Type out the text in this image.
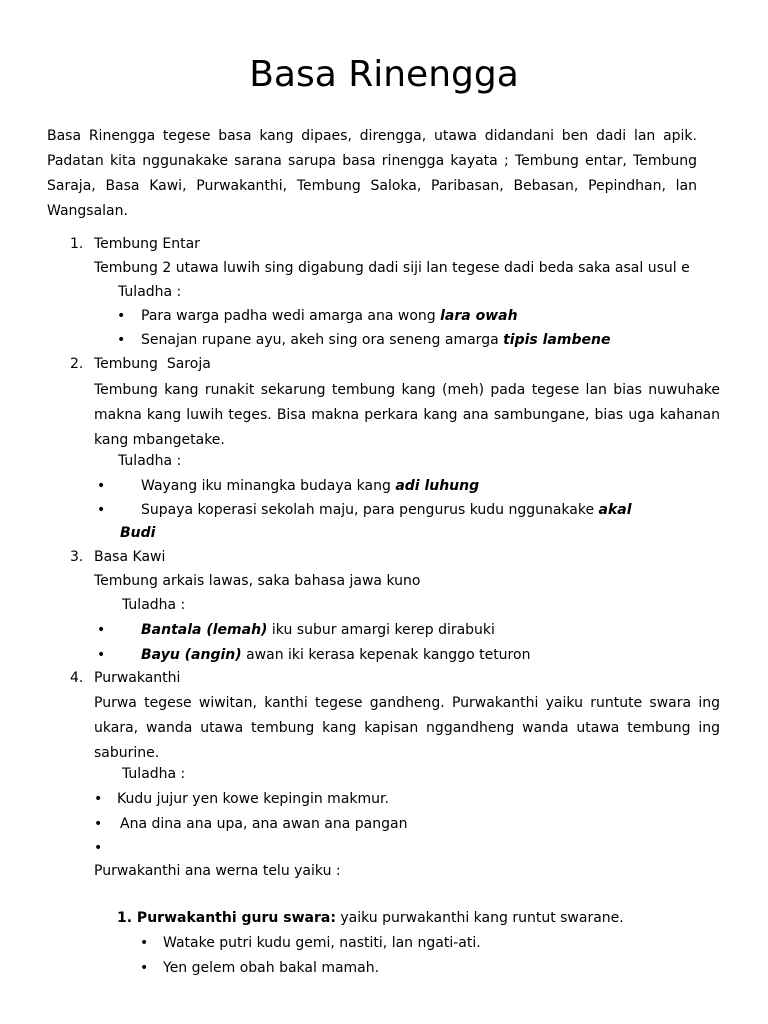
Basa Rinengga
Basa Rinengga tegese basa kang dipaes, direngga, utawa didandani ben dadi lan apik. Padatan kita nggunakake sarana sarupa basa rinengga kayata ; Tembung entar, Tembung Saraja, Basa Kawi, Purwakanthi, Tembung Saloka, Paribasan, Bebasan, Pepindhan, lan Wangsalan.
1. Tembung Entar
Tembung 2 utawa luwih sing digabung dadi siji lan tegese dadi beda saka asal usul e
Tuladha :
• Para warga padha wedi amarga ana wong lara owah
• Senajan rupane ayu, akeh sing ora seneng amarga tipis lambene
2. Tembung  Saroja
Tembung kang runakit sekarung tembung kang (meh) pada tegese lan bias nuwuhake makna kang luwih teges. Bisa makna perkara kang ana sambungane, bias uga kahanan kang mbangetake.
Tuladha :
•	Wayang iku minangka budaya kang adi luhung
•	Supaya koperasi sekolah maju, para pengurus kudu nggunakake akal
Budi
3. Basa Kawi
Tembung arkais lawas, saka bahasa jawa kuno
Tuladha :
•	Bantala (lemah) iku subur amargi kerep dirabuki
•	Bayu (angin) awan iki kerasa kepenak kanggo teturon
4. Purwakanthi
Purwa tegese wiwitan, kanthi tegese gandheng. Purwakanthi yaiku runtute swara ing ukara, wanda utawa tembung kang kapisan nggandheng wanda utawa tembung ing saburine.
Tuladha :
• Kudu jujur yen kowe kepingin makmur.
• Ana dina ana upa, ana awan ana pangan
•
Purwakanthi ana werna telu yaiku :
1. Purwakanthi guru swara: yaiku purwakanthi kang runtut swarane.
• Watake putri kudu gemi, nastiti, lan ngati-ati.
• Yen gelem obah bakal mamah.
